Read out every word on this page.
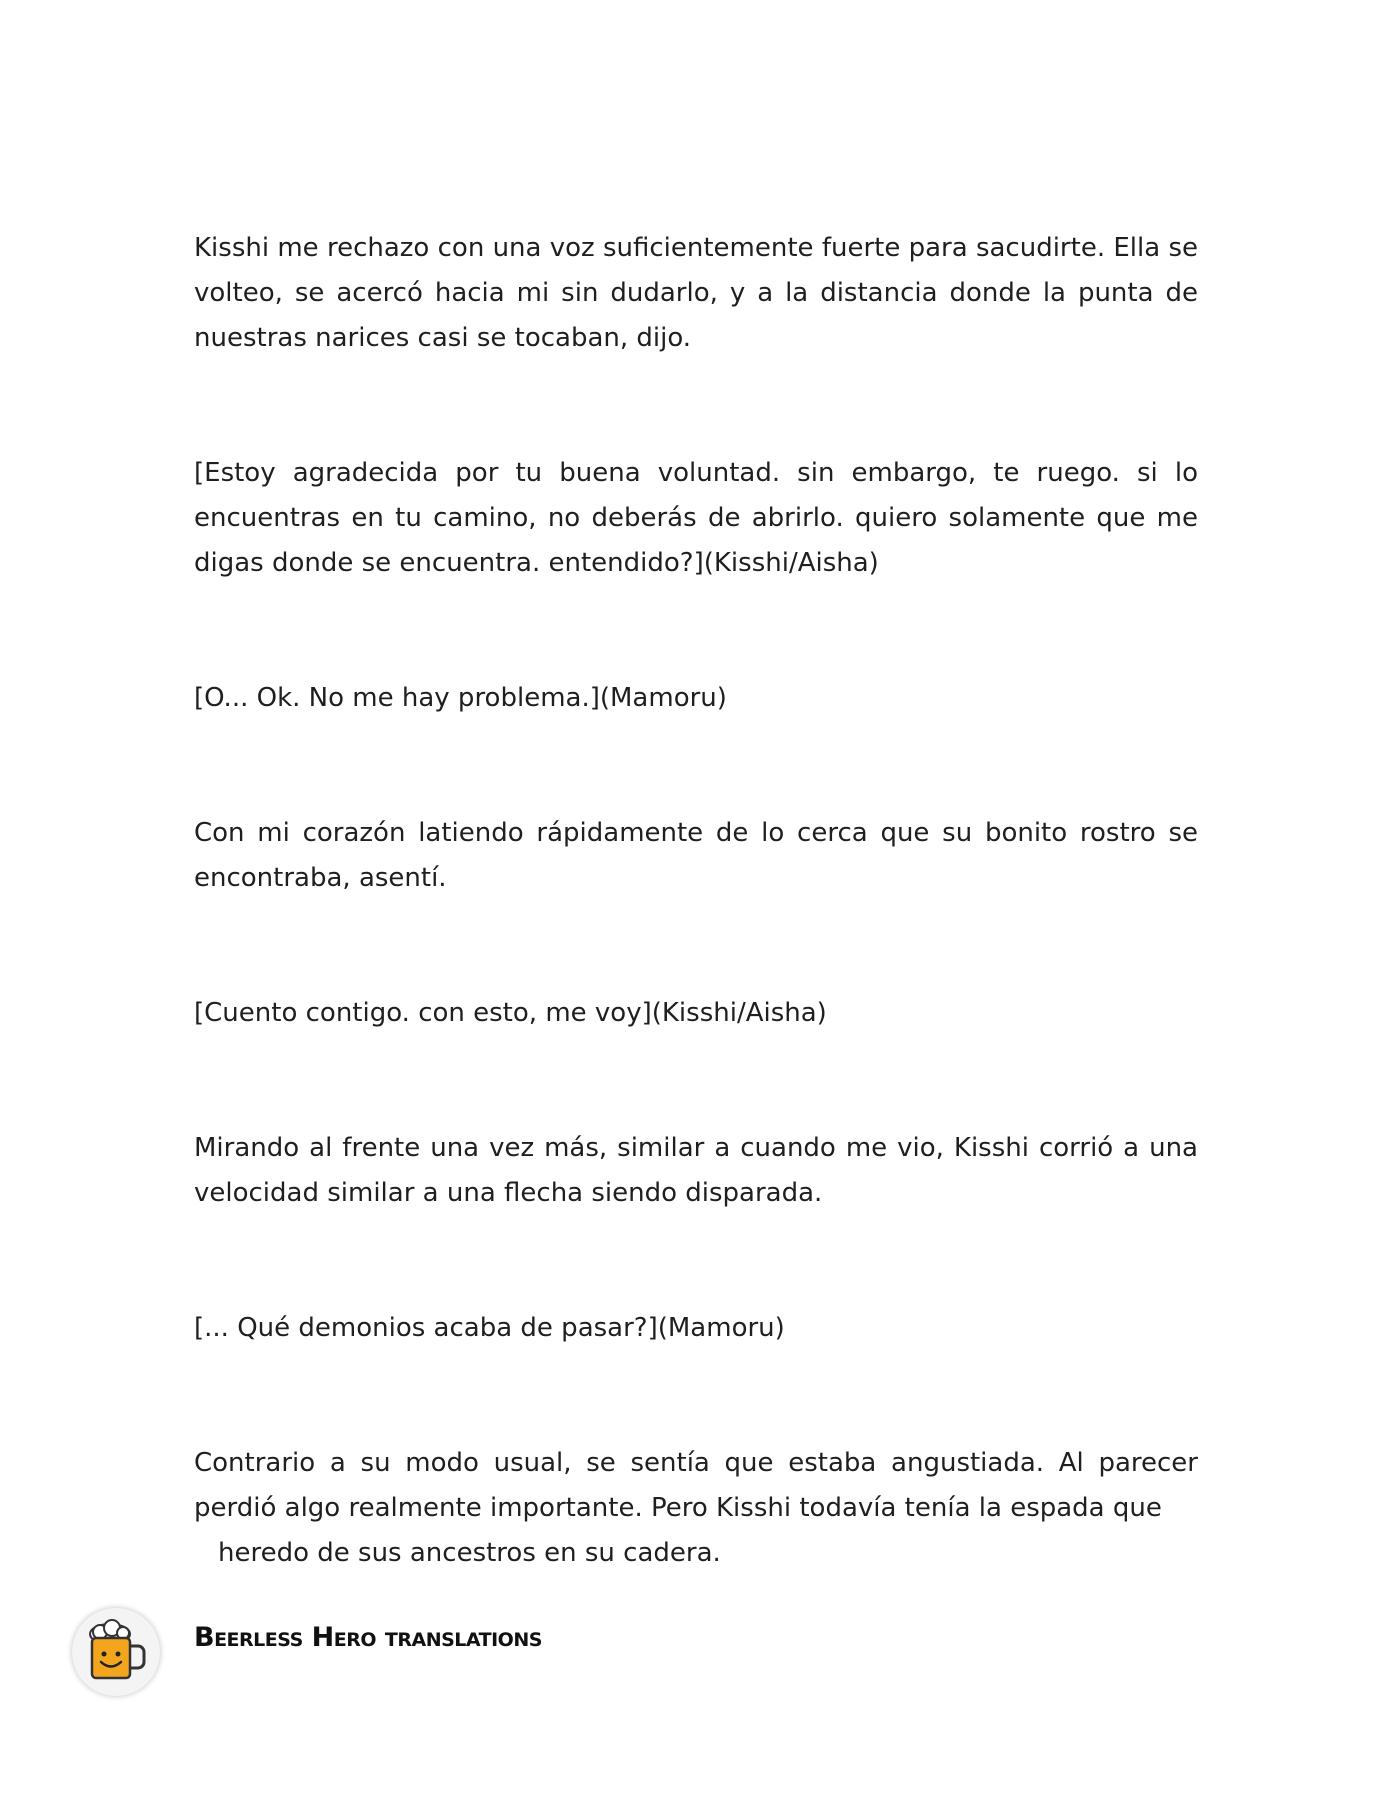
Kisshi me rechazo con una voz suficientemente fuerte para sacudirte. Ella se volteo, se acercó hacia mi sin dudarlo, y a la distancia donde la punta de nuestras narices casi se tocaban, dijo.

[Estoy agradecida por tu buena voluntad. sin embargo, te ruego. si lo encuentras en tu camino, no deberás de abrirlo. quiero solamente que me digas donde se encuentra. entendido?](Kisshi/Aisha)

[O... Ok. No me hay problema.](Mamoru)

Con mi corazón latiendo rápidamente de lo cerca que su bonito rostro se encontraba, asentí.

[Cuento contigo. con esto, me voy](Kisshi/Aisha)

Mirando al frente una vez más, similar a cuando me vio, Kisshi corrió a una velocidad similar a una flecha siendo disparada.

[... Qué demonios acaba de pasar?](Mamoru)

Contrario a su modo usual, se sentía que estaba angustiada. Al parecer perdió algo realmente importante. Pero Kisshi todavía tenía la espada que

heredo de sus ancestros en su cadera.

Beerless Hero translations
